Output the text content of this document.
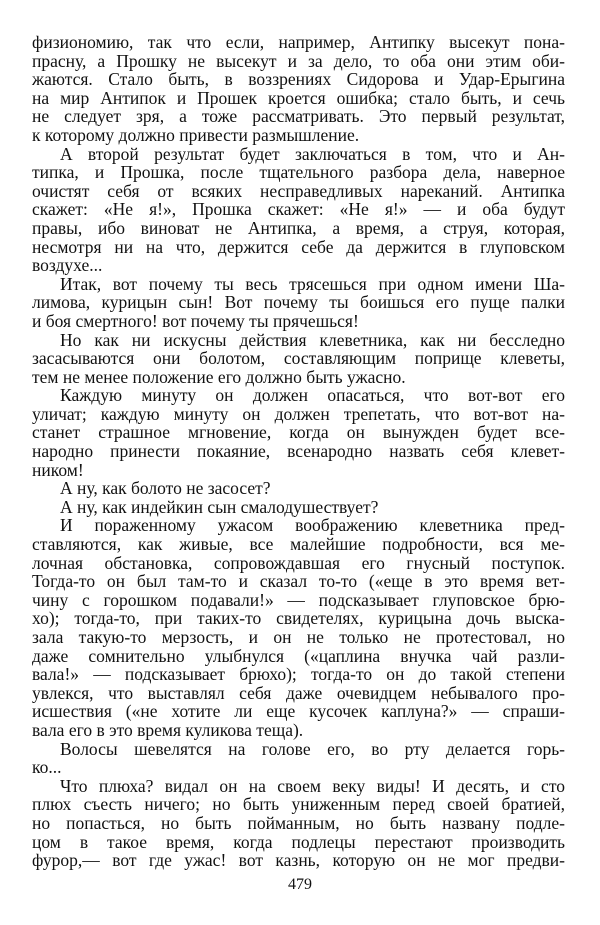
физиономию, так что если, например, Антипку высекут пона-
прасну, а Прошку не высекут и за дело, то оба они этим оби-
жаются. Стало быть, в воззрениях Сидорова и Удар-Ерыгина
на мир Антипок и Прошек кроется ошибка; стало быть, и сечь
не следует зря, а тоже рассматривать. Это первый результат,
к которому должно привести размышление.
А второй результат будет заключаться в том, что и Ан-
типка, и Прошка, после тщательного разбора дела, наверное
очистят себя от всяких несправедливых нареканий. Антипка
скажет: «Не я!», Прошка скажет: «Не я!» — и оба будут
правы, ибо виноват не Антипка, а время, а струя, которая,
несмотря ни на что, держится себе да держится в глуповском
воздухе...
Итак, вот почему ты весь трясешься при одном имени Ша-
лимова, курицын сын! Вот почему ты боишься его пуще палки
и боя смертного! вот почему ты прячешься!
Но как ни искусны действия клеветника, как ни бесследно
засасываются они болотом, составляющим поприще клеветы,
тем не менее положение его должно быть ужасно.
Каждую минуту он должен опасаться, что вот-вот его
уличат; каждую минуту он должен трепетать, что вот-вот на-
станет страшное мгновение, когда он вынужден будет все-
народно принести покаяние, всенародно назвать себя клевет-
ником!
А ну, как болото не засосет?
А ну, как индейкин сын смалодушествует?
И пораженному ужасом воображению клеветника пред-
ставляются, как живые, все малейшие подробности, вся ме-
лочная обстановка, сопровождавшая его гнусный поступок.
Тогда-то он был там-то и сказал то-то («еще в это время вет-
чину с горошком подавали!» — подсказывает глуповское брю-
хо); тогда-то, при таких-то свидетелях, курицына дочь выска-
зала такую-то мерзость, и он не только не протестовал, но
даже сомнительно улыбнулся («цаплина внучка чай разли-
вала!» — подсказывает брюхо); тогда-то он до такой степени
увлекся, что выставлял себя даже очевидцем небывалого про-
исшествия («не хотите ли еще кусочек каплуна?» — спраши-
вала его в это время куликова теща).
Волосы шевелятся на голове его, во рту делается горь-
ко...
Что плюха? видал он на своем веку виды! И десять, и сто
плюх съесть ничего; но быть униженным перед своей братией,
но попасться, но быть пойманным, но быть названу подле-
цом в такое время, когда подлецы перестают производить
фурор,— вот где ужас! вот казнь, которую он не мог предви-
479
